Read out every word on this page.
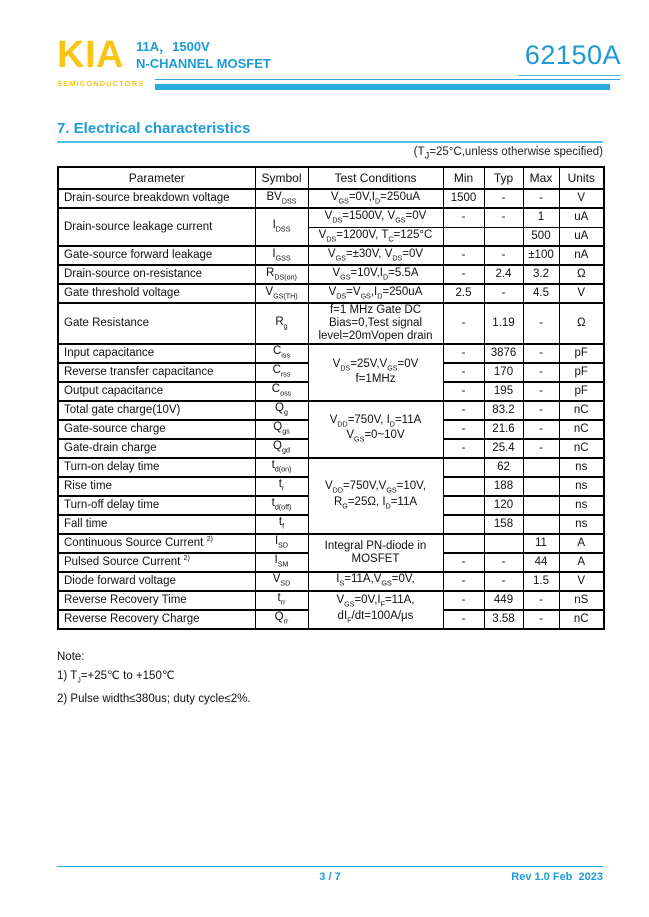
KIA
SEMICONDUCTORS
11A，1500V
N-CHANNEL MOSFET	62150A
7. Electrical characteristics
($T_J=25^\circ C,unless$ otherwise specified)
Parameter	Symbol	Test Conditions	Min	Typ	Max	Units
Drain-source breakdown voltage	$BV_{DSS}$	$V_{GS}=0V,I_D=250uA$	1500	-	-	V
Drain-source leakage current	$I_{DSS}$	$V_{DS}=1500V$, $V_{GS}=0V$	-	-	1	uA
		$V_{DS}=1200V$, $T_C=125^\circ C$			500	uA
Gate-source forward leakage	$I_{GSS}$	$V_{GS}=\pm 30V$, $V_{DS}=0V$	-	-	±100	nA
Drain-source on-resistance	$R_{DS(on)}$	$V_{GS}=10V,I_D=5.5A$	-	2.4	3.2	Ω
Gate threshold voltage	$V_{GS(TH)}$	$V_{DS}=V_{GS},I_D=250uA$	2.5	-	4.5	V
Gate Resistance	$R_g$	f=1 MHz Gate DC
Bias=0,Test signal
level=20mVopen drain	-	1.19	-	Ω
Input capacitance	$C_{iss}$	$V_{DS}=25V,V_{GS}=0V$
f=1MHz	-	3876	-	pF
Reverse transfer capacitance	$C_{rss}$		-	170	-	pF
Output capacitance	$C_{oss}$		-	195	-	pF
Total gate charge(10V)	$Q_g$	$V_{DD}=750V$, $I_D=11A$
$V_{GS}=0\sim 10V$	-	83.2	-	nC
Gate-source charge	$Q_{gs}$		-	21.6	-	nC
Gate-drain charge	$Q_{gd}$		-	25.4	-	nC
Turn-on delay time	$t_{d(on)}$	$V_{DD}=750V,V_{GS}=10V$,
$R_G=25\Omega$, $I_D=11A$		62		ns
Rise time	$t_r$			188		ns
Turn-off delay time	$t_{d(off)}$			120		ns
Fall time	$t_f$			158		ns
Continuous Source Current $^{2)}$	$I_{SD}$	Integral PN-diode in
MOSFET			11	A
Pulsed Source Current $^{2)}$	$I_{SM}$		-	-	44	A
Diode forward voltage	$V_{SD}$	$I_S=11A,V_{GS}=0V$,	-	-	1.5	V
Reverse Recovery Time	$t_{rr}$	$V_{GS}=0V,I_F=11A$,
$dI_F/dt=100A/\mu s$	-	449	-	nS
Reverse Recovery Charge	$Q_{rr}$		-	3.58	-	nC
Note:
1) $T_J=+25℃$ to +150℃
2) Pulse width≤380us; duty cycle≤2%.
3 / 7	Rev 1.0 Feb  2023
